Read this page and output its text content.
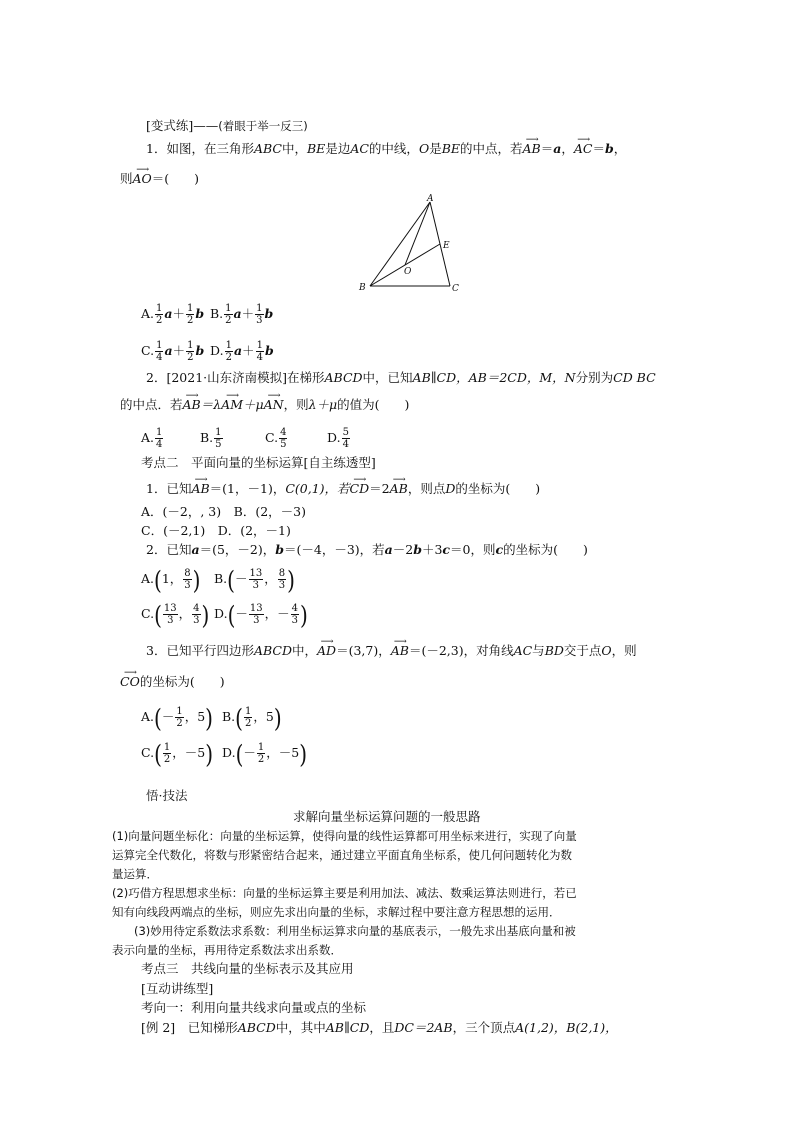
[变式练]——(着眼于举一反三)
1．如图，在三角形ABC中，BE是边AC的中线，O是BE的中点，若⟶ AB＝a，⟶ AC＝b，
则⟶ AO＝(　　)
A
B	C
E
O
A. $\frac{1}{2} a+ \frac{1}{2}$ b B. $\frac{1}{2} a+ \frac{1}{3}$ b
C. $\frac{1}{4} a+ \frac{1}{2}$ b D. $\frac{1}{2} a+ \frac{1}{4}$ b
2．[2021·山东济南模拟]在梯形ABCD中，已知AB∥CD，AB＝2CD，M，N分别为CD BC
的中点．若⟶ AB＝λ⟶ AM＋μ⟶ AN，则λ＋μ的值为(　　)
A. $\frac{1}{4}$	B. $\frac{1}{5}$	C. $\frac{4}{5}$	D. $\frac{5}{4}$
考点二　平面向量的坐标运算[自主练透型]
1．已知⟶ AB＝(1，－1)，C(0,1)，若⟶ CD＝2⟶ AB，则点D的坐标为(　　)
A．(－2，, 3)　B．(2，－3)
C．(－2,1)　D．(2，－1)
2．已知a＝(5，－2)，b＝(－4，－3)，若a－2b＋3c＝0，则c的坐标为(　　)
A.(1， $\frac{8}{3}$ ) $B.(- \frac{13}{3}$ ， $\frac{8}{3}$ )
$C.( \frac{13}{3}$ ， $\frac{4}{3}$ ) $D.(- \frac{13}{3}$ ，－ $\frac{4}{3}$ )
3．已知平行四边形ABCD中，⟶ AD＝(3,7)，⟶ AB＝(－2,3)，对角线AC与BD交于点O，则
⟶ CO的坐标为(　　)
$A.(- \frac{1}{2}$ ，5) $B.( \frac{1}{2}$ ，5)
$C.( \frac{1}{2}$ ，－5) $D.(- \frac{1}{2}$ ，－5)
悟·技法
求解向量坐标运算问题的一般思路
(1)向量问题坐标化：向量的坐标运算，使得向量的线性运算都可用坐标来进行，实现了向量
运算完全代数化，将数与形紧密结合起来，通过建立平面直角坐标系，使几何问题转化为数
量运算．
(2)巧借方程思想求坐标：向量的坐标运算主要是利用加法、减法、数乘运算法则进行，若已
知有向线段两端点的坐标，则应先求出向量的坐标，求解过程中要注意方程思想的运用．
(3)妙用待定系数法求系数：利用坐标运算求向量的基底表示，一般先求出基底向量和被
表示向量的坐标，再用待定系数法求出系数．
考点三　共线向量的坐标表示及其应用
[互动讲练型]
考向一：利用向量共线求向量或点的坐标
[例 2]　 已知梯形ABCD中，其中AB∥CD，且DC＝2AB，三个顶点A(1,2)，B(2,1)，
